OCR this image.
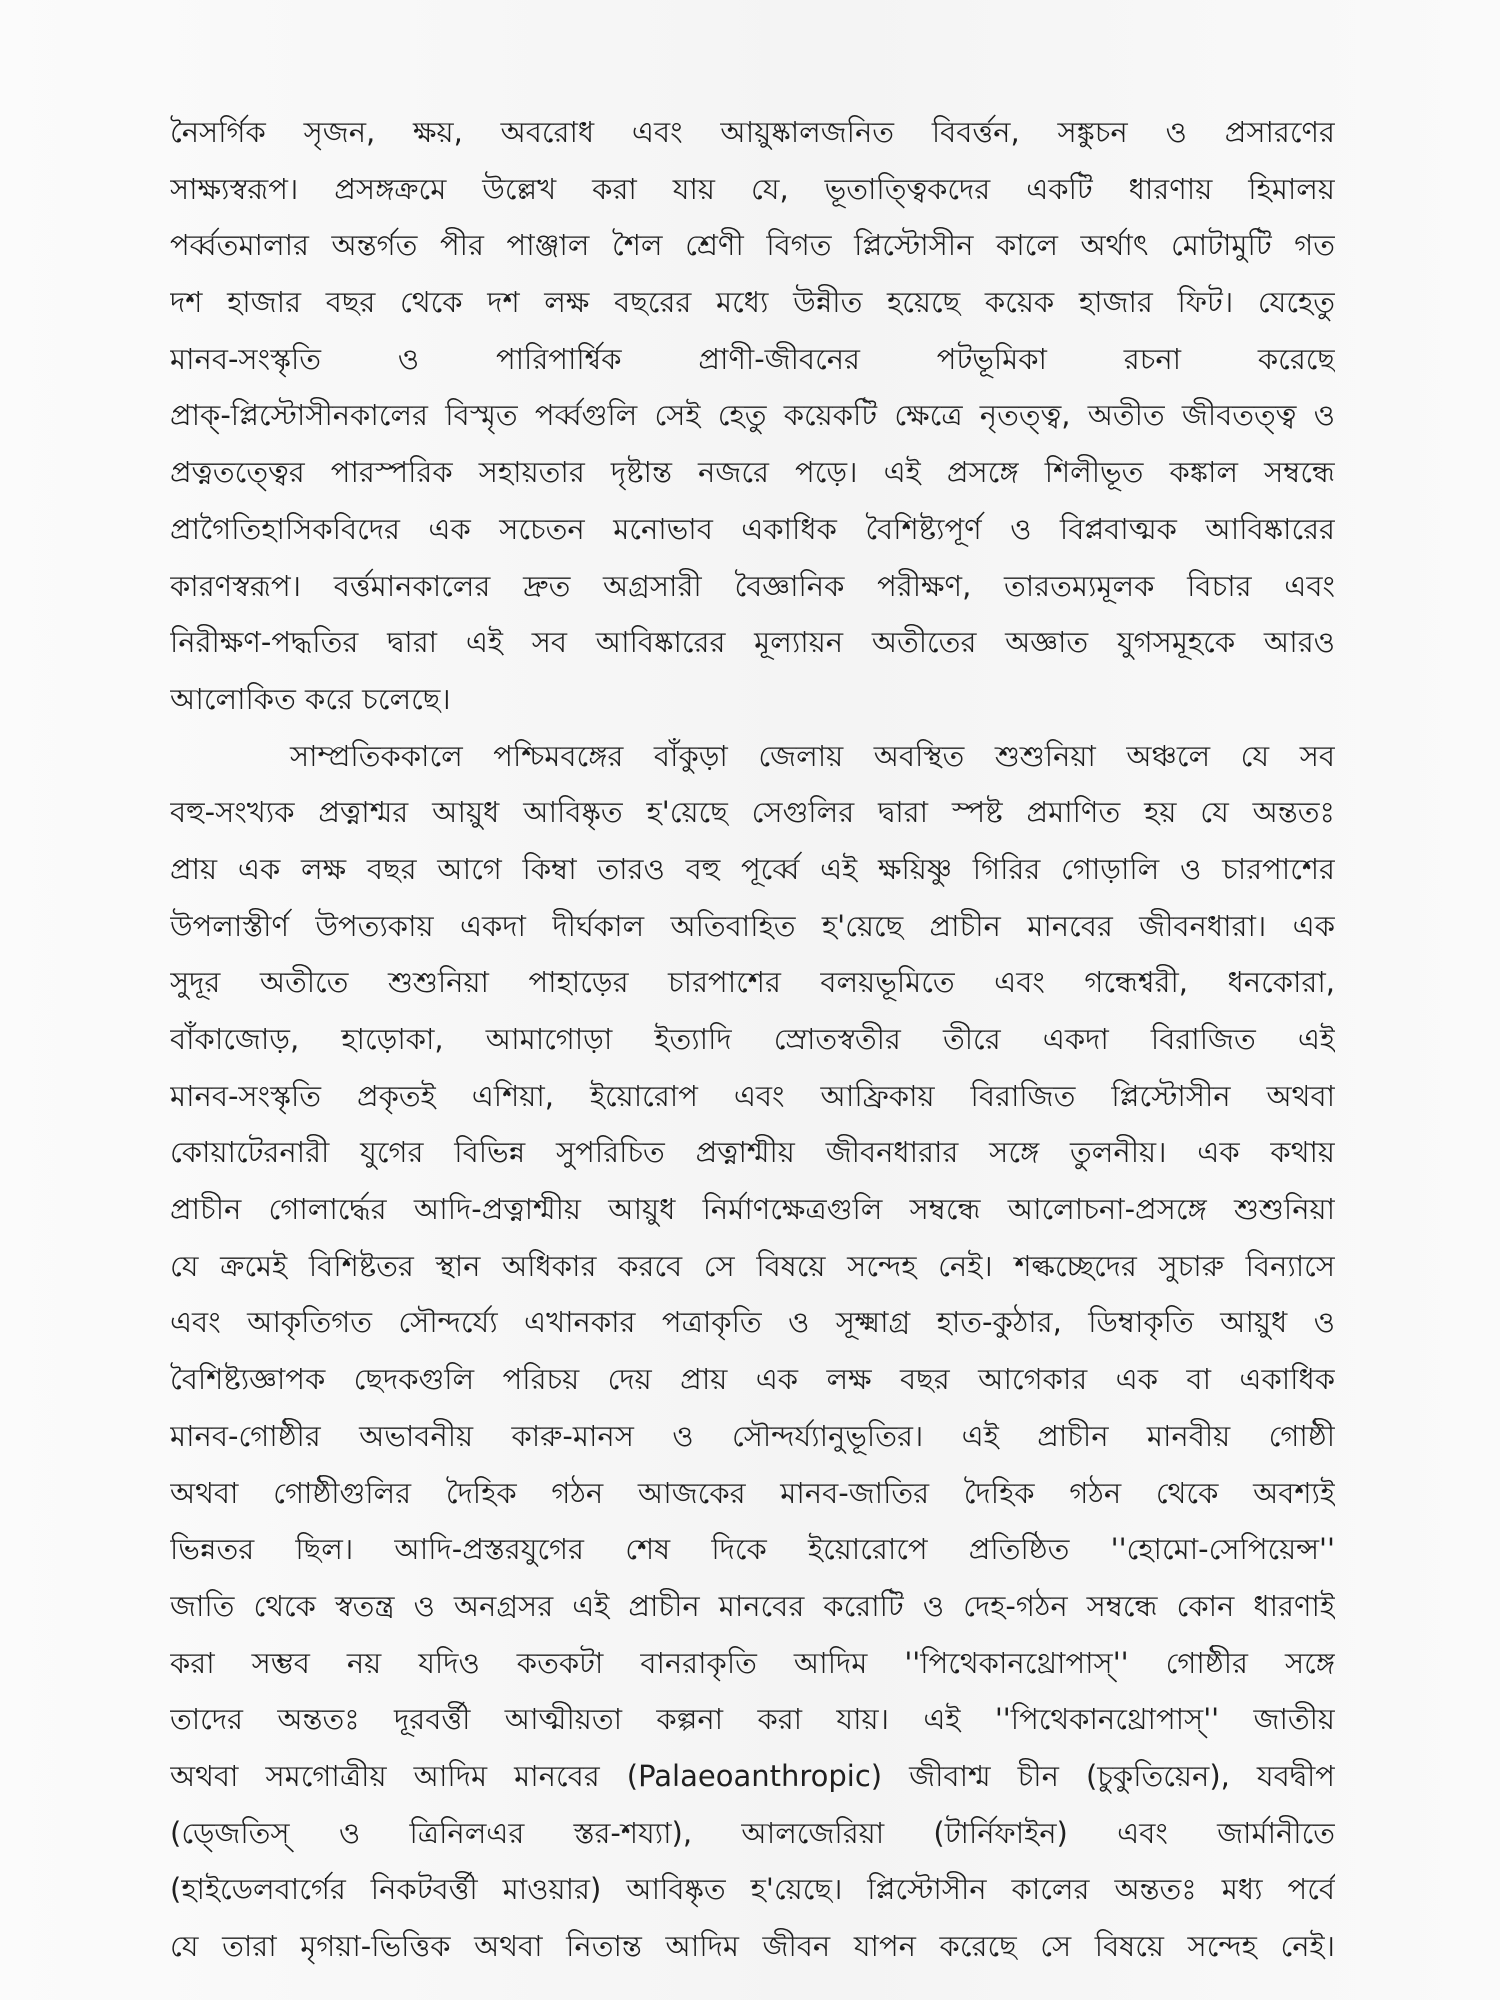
নৈসর্গিক সৃজন, ক্ষয়, অবরোধ এবং আয়ুষ্কালজনিত বিবর্ত্তন, সঙ্কুচন ও প্রসারণের
সাক্ষ্যস্বরূপ। প্রসঙ্গক্রমে উল্লেখ করা যায় যে, ভূতাত্ত্বিকদের একটি ধারণায় হিমালয়
পর্ব্বতমালার অন্তর্গত পীর পাঞ্জাল শৈল শ্রেণী বিগত প্লিস্টোসীন কালে অর্থাৎ মোটামুটি গত
দশ হাজার বছর থেকে দশ লক্ষ বছরের মধ্যে উন্নীত হয়েছে কয়েক হাজার ফিট। যেহেতু
মানব-সংস্কৃতি ও পারিপার্শ্বিক প্রাণী-জীবনের পটভূমিকা রচনা করেছে
প্রাক্-প্লিস্টোসীনকালের বিস্মৃত পর্ব্বগুলি সেই হেতু কয়েকটি ক্ষেত্রে নৃতত্ত্ব, অতীত জীবতত্ত্ব ও
প্রত্নতত্ত্বের পারস্পরিক সহায়তার দৃষ্টান্ত নজরে পড়ে। এই প্রসঙ্গে শিলীভূত কঙ্কাল সম্বন্ধে
প্রাগৈতিহাসিকবিদের এক সচেতন মনোভাব একাধিক বৈশিষ্ট্যপূর্ণ ও বিপ্লবাত্মক আবিষ্কারের
কারণস্বরূপ। বর্ত্তমানকালের দ্রুত অগ্রসারী বৈজ্ঞানিক পরীক্ষণ, তারতম্যমূলক বিচার এবং
নিরীক্ষণ-পদ্ধতির দ্বারা এই সব আবিষ্কারের মূল্যায়ন অতীতের অজ্ঞাত যুগসমূহকে আরও
আলোকিত করে চলেছে।
সাম্প্রতিককালে পশ্চিমবঙ্গের বাঁকুড়া জেলায় অবস্থিত শুশুনিয়া অঞ্চলে যে সব
বহু-সংখ্যক প্রত্নাশ্মর আয়ুধ আবিষ্কৃত হ'য়েছে সেগুলির দ্বারা স্পষ্ট প্রমাণিত হয় যে অন্ততঃ
প্রায় এক লক্ষ বছর আগে কিম্বা তারও বহু পূর্ব্বে এই ক্ষয়িষ্ণু গিরির গোড়ালি ও চারপাশের
উপলাস্তীর্ণ উপত্যকায় একদা দীর্ঘকাল অতিবাহিত হ'য়েছে প্রাচীন মানবের জীবনধারা। এক
সুদূর অতীতে শুশুনিয়া পাহাড়ের চারপাশের বলয়ভূমিতে এবং গন্ধেশ্বরী, ধনকোরা,
বাঁকাজোড়, হাড়োকা, আমাগোড়া ইত্যাদি স্রোতস্বতীর তীরে একদা বিরাজিত এই
মানব-সংস্কৃতি প্রকৃতই এশিয়া, ইয়োরোপ এবং আফ্রিকায় বিরাজিত প্লিস্টোসীন অথবা
কোয়াটেরনারী যুগের বিভিন্ন সুপরিচিত প্রত্নাশ্মীয় জীবনধারার সঙ্গে তুলনীয়। এক কথায়
প্রাচীন গোলার্দ্ধের আদি-প্রত্নাশ্মীয় আয়ুধ নির্মাণক্ষেত্রগুলি সম্বন্ধে আলোচনা-প্রসঙ্গে শুশুনিয়া
যে ক্রমেই বিশিষ্টতর স্থান অধিকার করবে সে বিষয়ে সন্দেহ নেই। শল্কচ্ছেদের সুচারু বিন্যাসে
এবং আকৃতিগত সৌন্দর্য্যে এখানকার পত্রাকৃতি ও সূক্ষ্মাগ্র হাত-কুঠার, ডিম্বাকৃতি আয়ুধ ও
বৈশিষ্ট্যজ্ঞাপক ছেদকগুলি পরিচয় দেয় প্রায় এক লক্ষ বছর আগেকার এক বা একাধিক
মানব-গোষ্ঠীর অভাবনীয় কারু-মানস ও সৌন্দর্য্যানুভূতির। এই প্রাচীন মানবীয় গোষ্ঠী
অথবা গোষ্ঠীগুলির দৈহিক গঠন আজকের মানব-জাতির দৈহিক গঠন থেকে অবশ্যই
ভিন্নতর ছিল। আদি-প্রস্তরযুগের শেষ দিকে ইয়োরোপে প্রতিষ্ঠিত ''হোমো-সেপিয়েন্স''
জাতি থেকে স্বতন্ত্র ও অনগ্রসর এই প্রাচীন মানবের করোটি ও দেহ-গঠন সম্বন্ধে কোন ধারণাই
করা সম্ভব নয় যদিও কতকটা বানরাকৃতি আদিম ''পিথেকানথ্রোপাস্'' গোষ্ঠীর সঙ্গে
তাদের অন্ততঃ দূরবর্ত্তী আত্মীয়তা কল্পনা করা যায়। এই ''পিথেকানথ্রোপাস্'' জাতীয়
অথবা সমগোত্রীয় আদিম মানবের (Palaeoanthropic) জীবাশ্ম চীন (চুকুতিয়েন), যবদ্বীপ
(ড্জেতিস্ ও ত্রিনিলএর স্তর-শয্যা), আলজেরিয়া (টার্নিফাইন) এবং জার্মানীতে
(হাইডেলবার্গের নিকটবর্ত্তী মাওয়ার) আবিষ্কৃত হ'য়েছে। প্লিস্টোসীন কালের অন্ততঃ মধ্য পর্বে
যে তারা মৃগয়া-ভিত্তিক অথবা নিতান্ত আদিম জীবন যাপন করেছে সে বিষয়ে সন্দেহ নেই।
